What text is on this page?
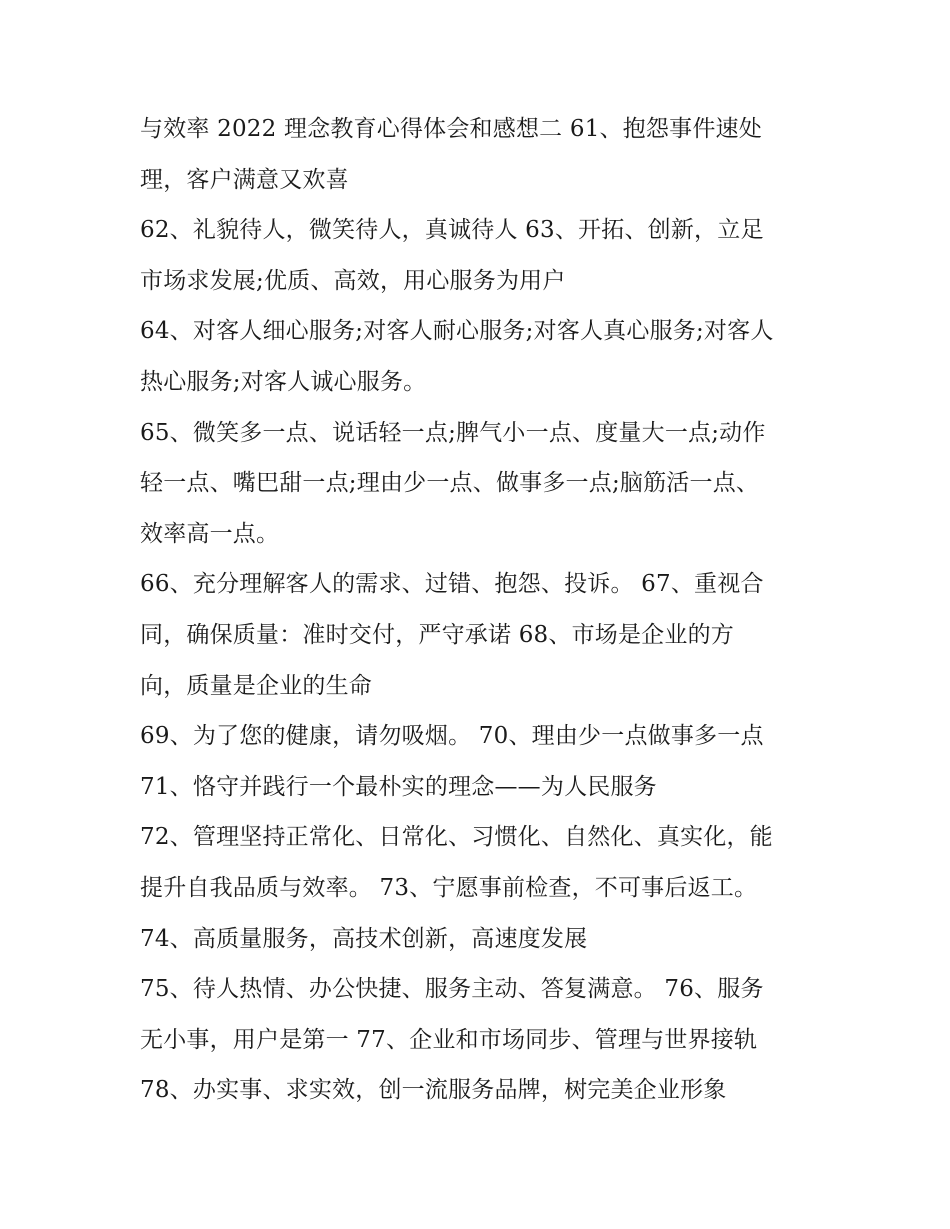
与效率 2022 理念教育心得体会和感想二 61、抱怨事件速处
理，客户满意又欢喜
62、礼貌待人，微笑待人，真诚待人 63、开拓、创新，立足
市场求发展;优质、高效，用心服务为用户
64、对客人细心服务;对客人耐心服务;对客人真心服务;对客人
热心服务;对客人诚心服务。
65、微笑多一点、说话轻一点;脾气小一点、度量大一点;动作
轻一点、嘴巴甜一点;理由少一点、做事多一点;脑筋活一点、
效率高一点。
66、充分理解客人的需求、过错、抱怨、投诉。 67、重视合
同，确保质量：准时交付，严守承诺 68、市场是企业的方
向，质量是企业的生命
69、为了您的健康，请勿吸烟。 70、理由少一点做事多一点
71、恪守并践行一个最朴实的理念——为人民服务
72、管理坚持正常化、日常化、习惯化、自然化、真实化，能
提升自我品质与效率。 73、宁愿事前检查，不可事后返工。
74、高质量服务，高技术创新，高速度发展
75、待人热情、办公快捷、服务主动、答复满意。 76、服务
无小事，用户是第一 77、企业和市场同步、管理与世界接轨
78、办实事、求实效，创一流服务品牌，树完美企业形象
